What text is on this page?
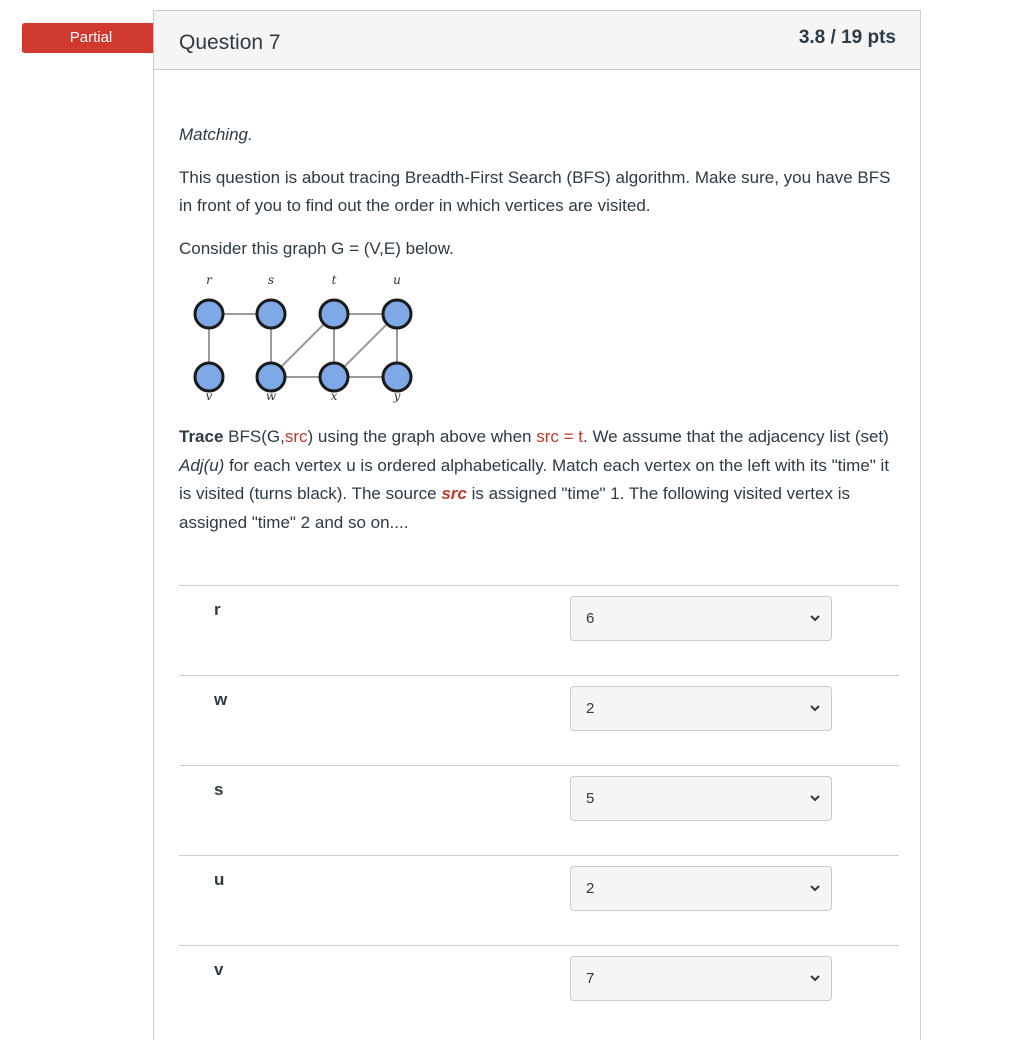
Partial	Question 7	3.8 / 19 pts

Matching.

This question is about tracing Breadth-First Search (BFS) algorithm. Make sure, you have BFS in front of you to find out the order in which vertices are visited.

Consider this graph G = (V,E) below.

r	s	t	u
v	w	x	y

Trace BFS(G,src) using the graph above when src = t. We assume that the adjacency list (set) Adj(u) for each vertex u is ordered alphabetically. Match each vertex on the left with its "time" it is visited (turns black). The source src is assigned "time" 1. The following visited vertex is assigned "time" 2 and so on....

r	6
w	2
s	5
u	2
v	7
